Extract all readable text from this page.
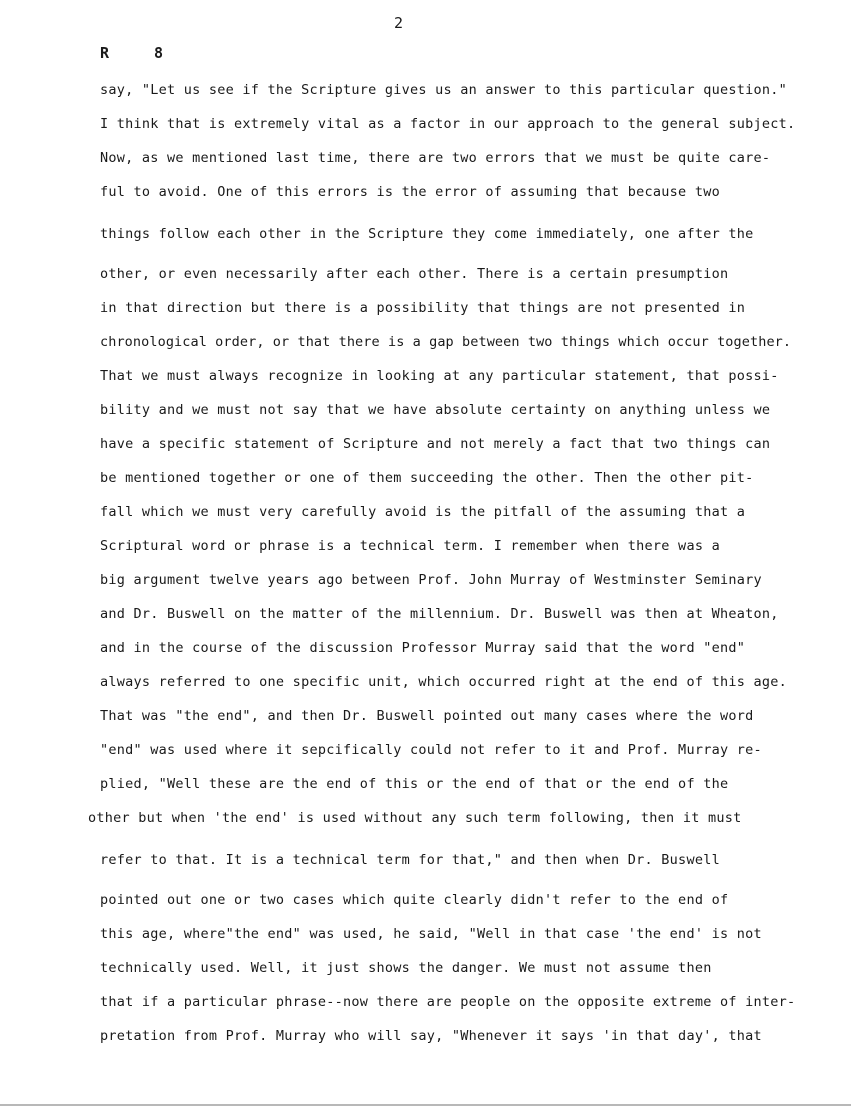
2
R 8
say, "Let us see if the Scripture gives us an answer to this particular question."
I think that is extremely vital as a factor in our approach to the general subject.
Now, as we mentioned last time, there are two errors that we must be quite care-
ful to avoid. One of this errors is the error of assuming that because two
things follow each other in the Scripture they come immediately, one after the
other, or even necessarily after each other. There is a certain presumption
in that direction but there is a possibility that things are not presented in
chronological order, or that there is a gap between two things which occur together.
That we must always recognize in looking at any particular statement, that possi-
bility and we must not say that we have absolute certainty on anything unless we
have a specific statement of Scripture and not merely a fact that two things can
be mentioned together or one of them succeeding the other. Then the other pit-
fall which we must very carefully avoid is the pitfall of the assuming that a
Scriptural word or phrase is a technical term. I remember when there was a
big argument twelve years ago between Prof. John Murray of Westminster Seminary
and Dr. Buswell on the matter of the millennium. Dr. Buswell was then at Wheaton,
and in the course of the discussion Professor Murray said that the word "end"
always referred to one specific unit, which occurred right at the end of this age.
That was "the end", and then Dr. Buswell pointed out many cases where the word
"end" was used where it sepcifically could not refer to it and Prof. Murray re-
plied, "Well these are the end of this or the end of that or the end of the
other but when 'the end' is used without any such term following, then it must
refer to that. It is a technical term for that," and then when Dr. Buswell
pointed out one or two cases which quite clearly didn't refer to the end of
this age, where"the end" was used, he said, "Well in that case 'the end' is not
technically used. Well, it just shows the danger. We must not assume then
that if a particular phrase--now there are people on the opposite extreme of inter-
pretation from Prof. Murray who will say, "Whenever it says 'in that day', that
